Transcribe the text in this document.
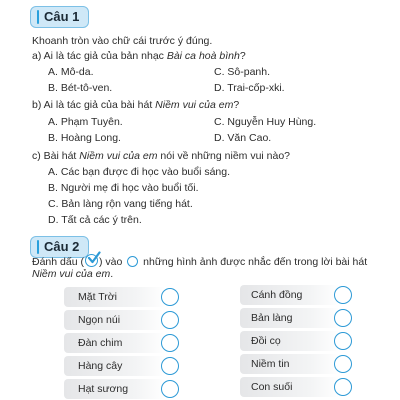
Câu 1
Khoanh tròn vào chữ cái trước ý đúng.
a) Ai là tác giả của bản nhạc Bài ca hoà bình?
A. Mô-da.	C. Sô-panh.
B. Bét-tô-ven.	D. Trai-cốp-xki.
b) Ai là tác giả của bài hát Niềm vui của em?
A. Phạm Tuyên.	C. Nguyễn Huy Hùng.
B. Hoàng Long.	D. Văn Cao.
c) Bài hát Niềm vui của em nói về những niềm vui nào?
A. Các bạn được đi học vào buổi sáng.
B. Người mẹ đi học vào buổi tối.
C. Bản làng rộn vang tiếng hát.
D. Tất cả các ý trên.
Câu 2
Đánh dấu ( ) vào những hình ảnh được nhắc đến trong lời bài hát
Niềm vui của em.
Mặt Trời
Ngọn núi
Đàn chim
Hàng cây
Hạt sương
Cánh đồng
Bản làng
Đồi cọ
Niềm tin
Con suối
